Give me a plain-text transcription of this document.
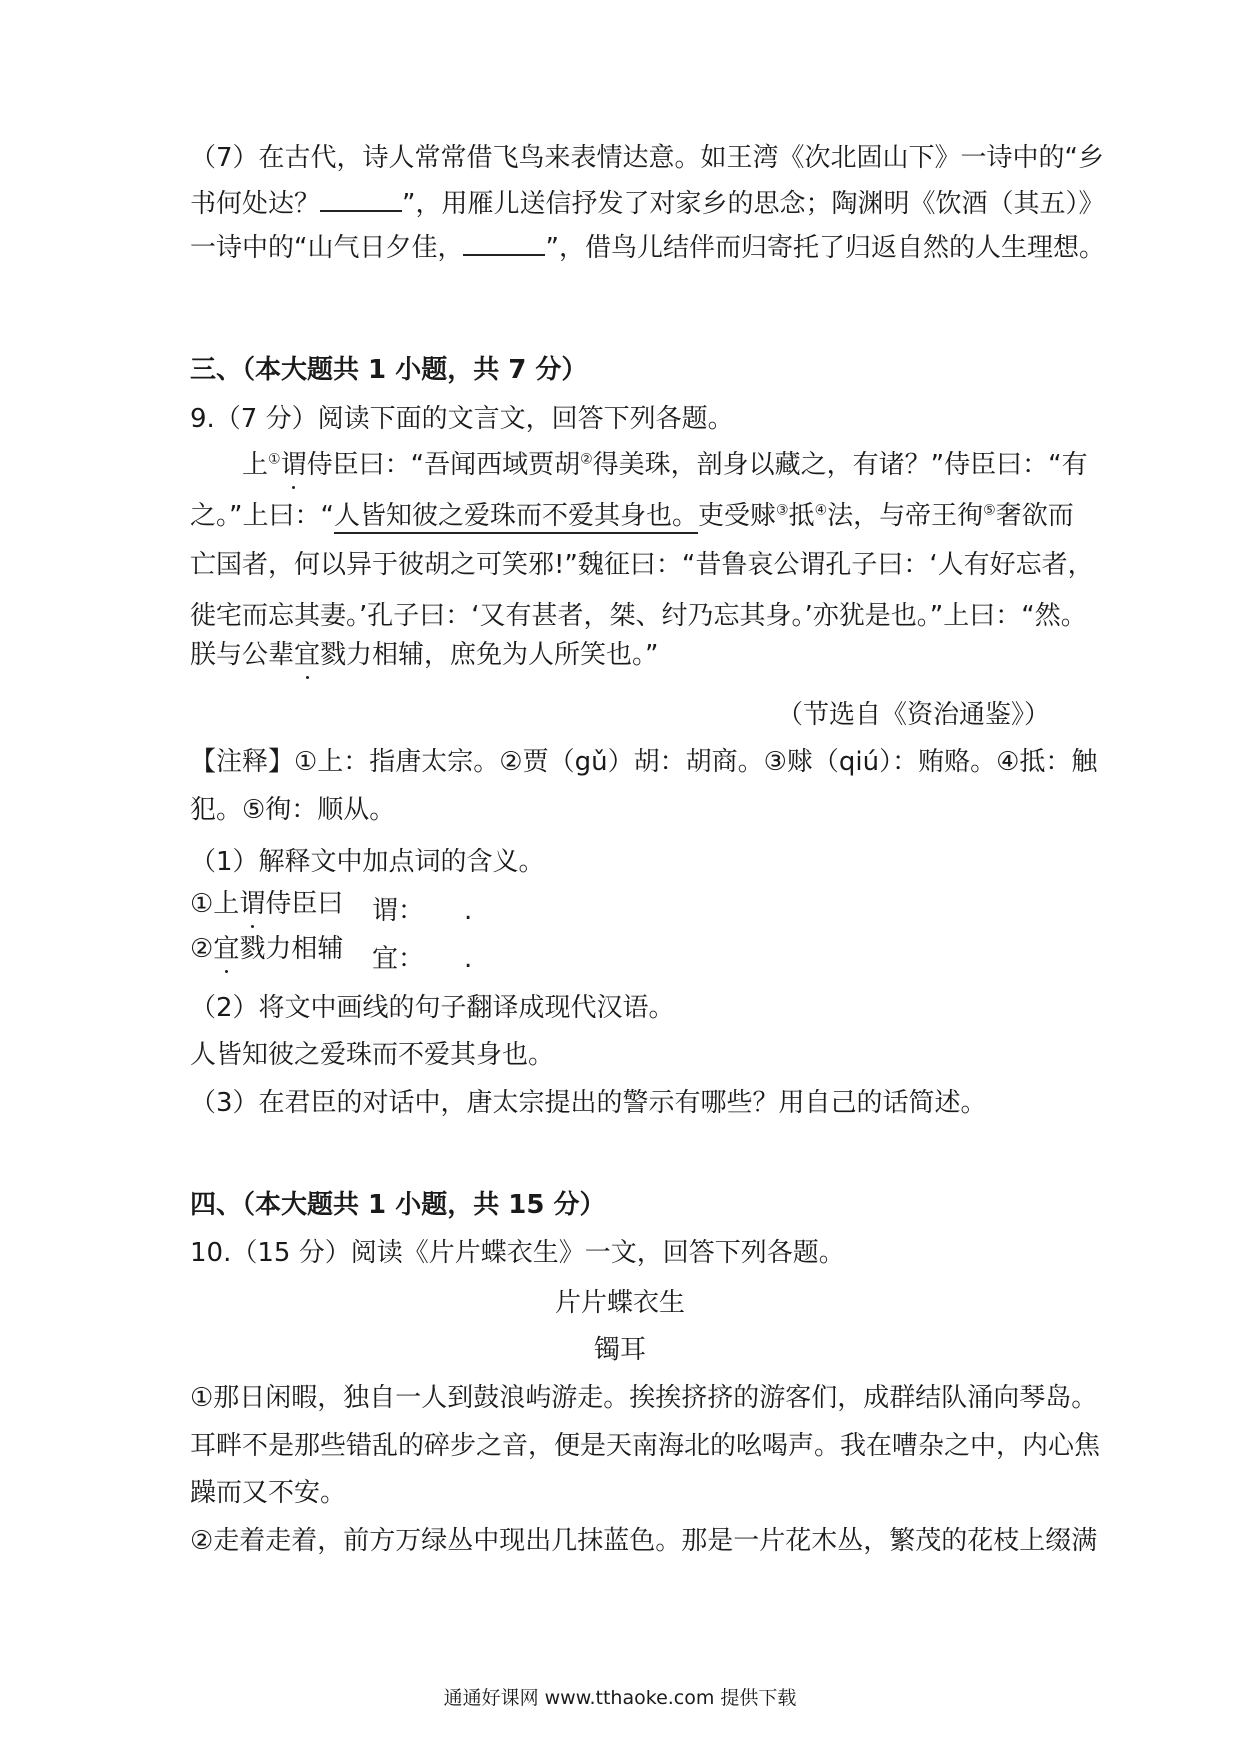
（7）在古代，诗人常常借飞鸟来表情达意。如王湾《次北固山下》一诗中的“乡
书何处达？	”，用雁儿送信抒发了对家乡的思念；陶渊明《饮酒（其五）》
一诗中的“山气日夕佳，	”，借鸟儿结伴而归寄托了归返自然的人生理想。
三、（本大题共 1 小题，共 7 分）
9.（7 分）阅读下面的文言文，回答下列各题。
上①谓侍臣曰：“吾闻西域贾胡②得美珠，剖身以藏之，有诸？”侍臣曰：“有
之。”上曰：“人皆知彼之爱珠而不爱其身也。吏受赇③抵④法，与帝王徇⑤奢欲而
亡国者，何以异于彼胡之可笑邪!”魏征曰：“昔鲁哀公谓孔子曰：‘人有好忘者，
徙宅而忘其妻。’孔子曰：‘又有甚者，桀、纣乃忘其身。’亦犹是也。”上曰：“然。
朕与公辈宜戮力相辅，庶免为人所笑也。”
（节选自《资治通鉴》）
【注释】①上：指唐太宗。②贾（gǔ）胡：胡商。③赇（qiú）：贿赂。④抵：触
犯。⑤徇：顺从。
（1）解释文中加点词的含义。
①上谓侍臣曰 谓： .
②宜戮力相辅 宜： .
（2）将文中画线的句子翻译成现代汉语。
人皆知彼之爱珠而不爱其身也。
（3）在君臣的对话中，唐太宗提出的警示有哪些？用自己的话简述。
四、（本大题共 1 小题，共 15 分）
10.（15 分）阅读《片片蝶衣生》一文，回答下列各题。
片片蝶衣生
镯耳
①那日闲暇，独自一人到鼓浪屿游走。挨挨挤挤的游客们，成群结队涌向琴岛。
耳畔不是那些错乱的碎步之音，便是天南海北的吆喝声。我在嘈杂之中，内心焦
躁而又不安。
②走着走着，前方万绿丛中现出几抹蓝色。那是一片花木丛，繁茂的花枝上缀满
通通好课网 www.tthaoke.com 提供下载
